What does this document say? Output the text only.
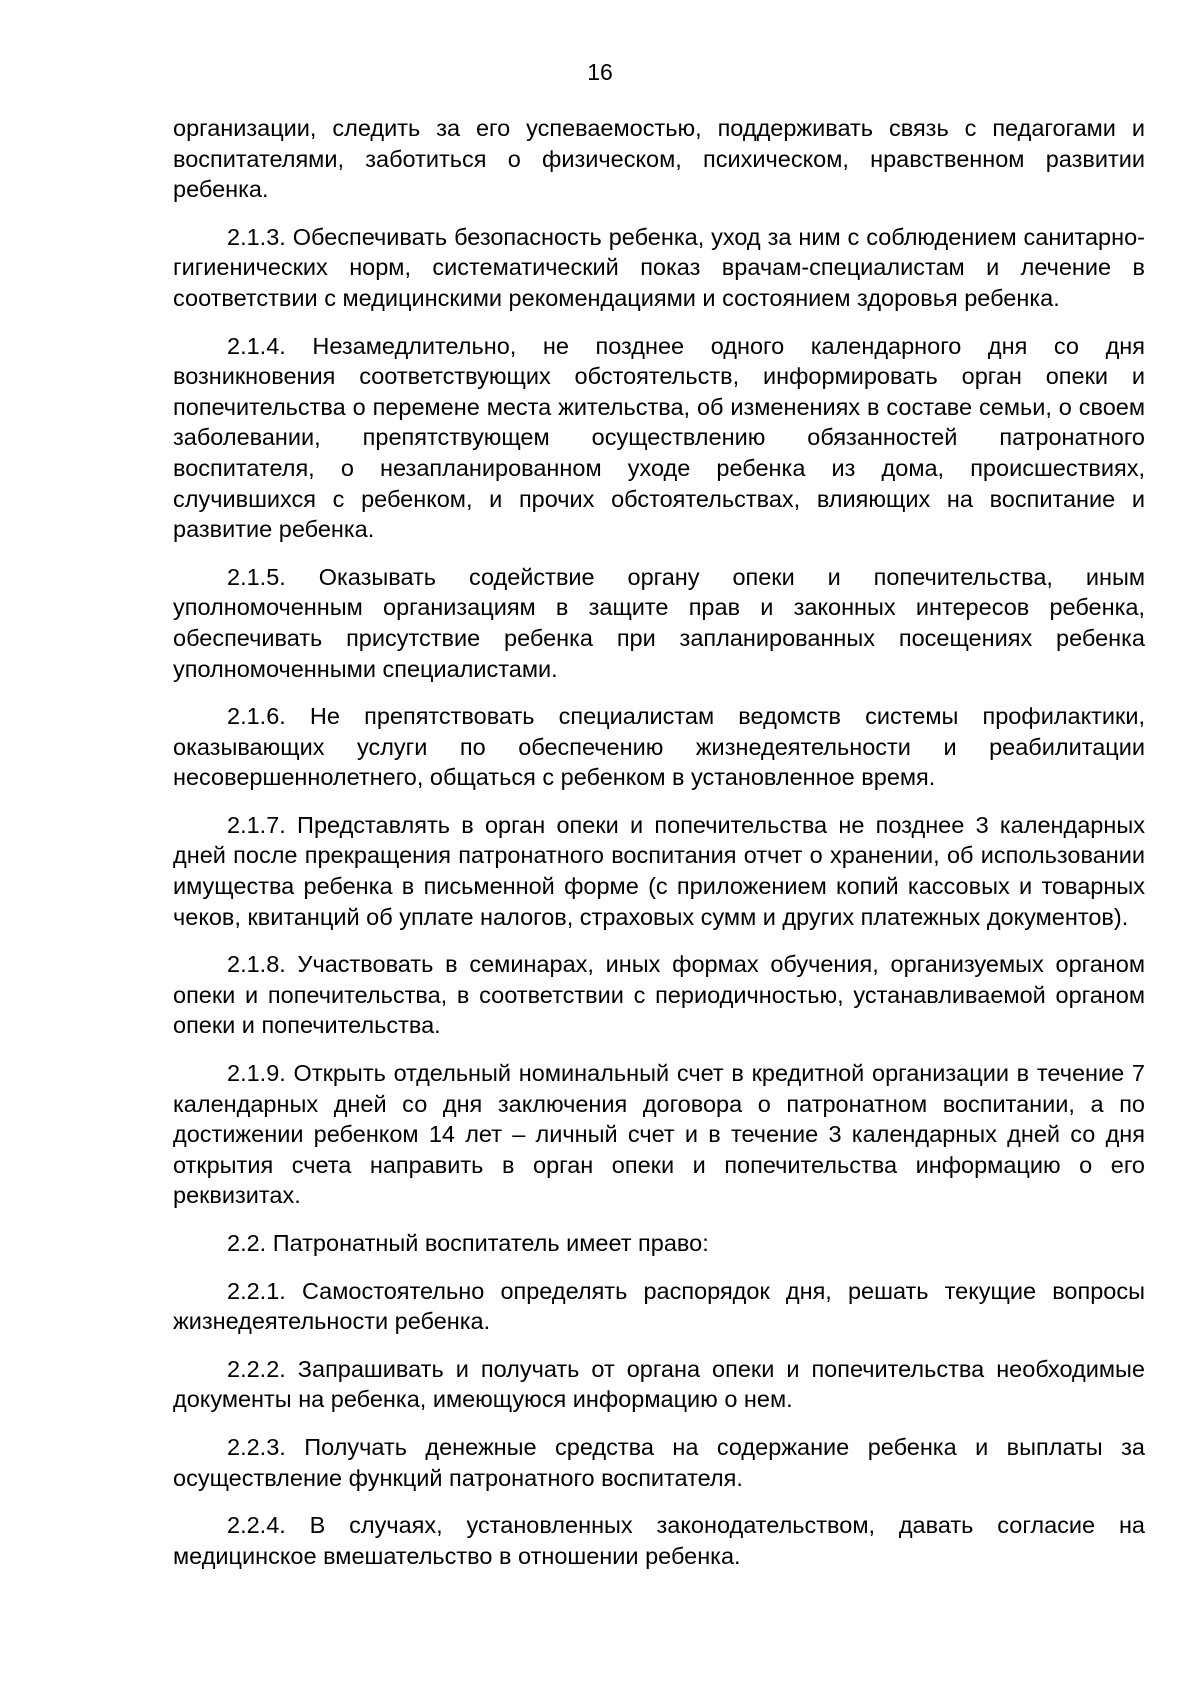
16

организации, следить за его успеваемостью, поддерживать связь с педагогами и воспитателями, заботиться о физическом, психическом, нравственном развитии ребенка.

2.1.3. Обеспечивать безопасность ребенка, уход за ним с соблюдением санитарно-гигиенических норм, систематический показ врачам-специалистам и лечение в соответствии с медицинскими рекомендациями и состоянием здоровья ребенка.

2.1.4. Незамедлительно, не позднее одного календарного дня со дня возникновения соответствующих обстоятельств, информировать орган опеки и попечительства о перемене места жительства, об изменениях в составе семьи, о своем заболевании, препятствующем осуществлению обязанностей патронатного воспитателя, о незапланированном уходе ребенка из дома, происшествиях, случившихся с ребенком, и прочих обстоятельствах, влияющих на воспитание и развитие ребенка.

2.1.5. Оказывать содействие органу опеки и попечительства, иным уполномоченным организациям в защите прав и законных интересов ребенка, обеспечивать присутствие ребенка при запланированных посещениях ребенка уполномоченными специалистами.

2.1.6. Не препятствовать специалистам ведомств системы профилактики, оказывающих услуги по обеспечению жизнедеятельности и реабилитации несовершеннолетнего, общаться с ребенком в установленное время.

2.1.7. Представлять в орган опеки и попечительства не позднее 3 календарных дней после прекращения патронатного воспитания отчет о хранении, об использовании имущества ребенка в письменной форме (с приложением копий кассовых и товарных чеков, квитанций об уплате налогов, страховых сумм и других платежных документов).

2.1.8. Участвовать в семинарах, иных формах обучения, организуемых органом опеки и попечительства, в соответствии с периодичностью, устанавливаемой органом опеки и попечительства.

2.1.9. Открыть отдельный номинальный счет в кредитной организации в течение 7 календарных дней со дня заключения договора о патронатном воспитании, а по достижении ребенком 14 лет – личный счет и в течение 3 календарных дней со дня открытия счета направить в орган опеки и попечительства информацию о его реквизитах.

2.2. Патронатный воспитатель имеет право:

2.2.1. Самостоятельно определять распорядок дня, решать текущие вопросы жизнедеятельности ребенка.

2.2.2. Запрашивать и получать от органа опеки и попечительства необходимые документы на ребенка, имеющуюся информацию о нем.

2.2.3. Получать денежные средства на содержание ребенка и выплаты за осуществление функций патронатного воспитателя.

2.2.4. В случаях, установленных законодательством, давать согласие на медицинское вмешательство в отношении ребенка.
